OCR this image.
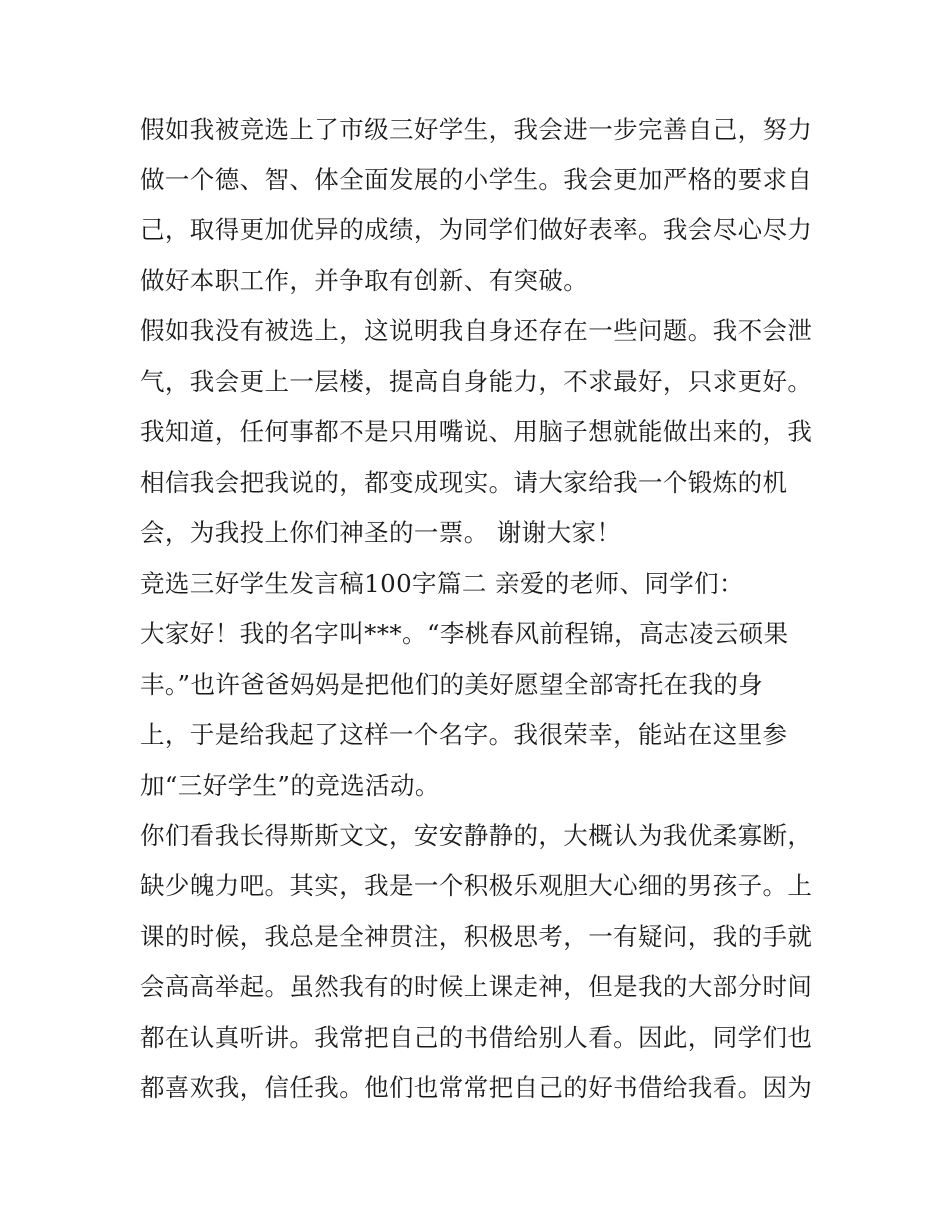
假如我被竞选上了市级三好学生，我会进一步完善自己，努力
做一个德、智、体全面发展的小学生。我会更加严格的要求自
己，取得更加优异的成绩，为同学们做好表率。我会尽心尽力
做好本职工作，并争取有创新、有突破。
假如我没有被选上，这说明我自身还存在一些问题。我不会泄
气，我会更上一层楼，提高自身能力，不求最好，只求更好。
我知道，任何事都不是只用嘴说、用脑子想就能做出来的，我
相信我会把我说的，都变成现实。请大家给我一个锻炼的机
会，为我投上你们神圣的一票。 谢谢大家！
竞选三好学生发言稿100字篇二 亲爱的老师、同学们：
大家好！我的名字叫***。“李桃春风前程锦，高志凌云硕果
丰。”也许爸爸妈妈是把他们的美好愿望全部寄托在我的身
上，于是给我起了这样一个名字。我很荣幸，能站在这里参
加“三好学生”的竞选活动。
你们看我长得斯斯文文，安安静静的，大概认为我优柔寡断，
缺少魄力吧。其实，我是一个积极乐观胆大心细的男孩子。上
课的时候，我总是全神贯注，积极思考，一有疑问，我的手就
会高高举起。虽然我有的时候上课走神，但是我的大部分时间
都在认真听讲。我常把自己的书借给别人看。因此，同学们也
都喜欢我，信任我。他们也常常把自己的好书借给我看。因为
